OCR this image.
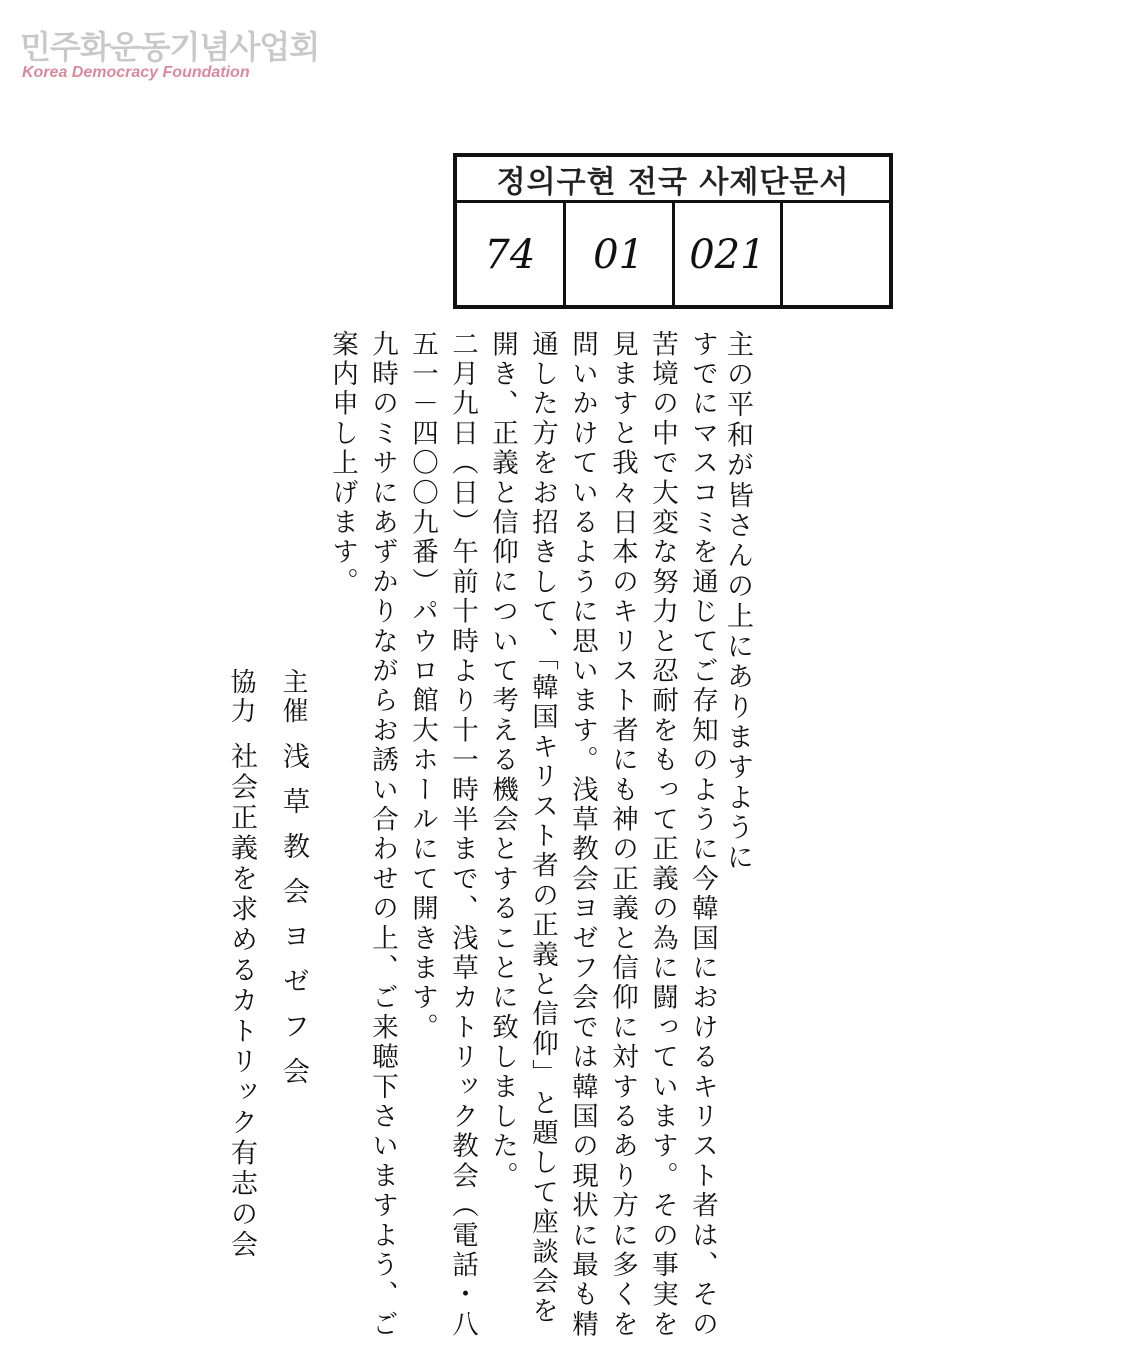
민주화운동기념사업회
Korea Democracy Foundation
정의구현 전국 사제단문서
74	01	021
主の平和が皆さんの上にありますように
すでにマスコミを通じてご存知のように今韓国におけるキリスト者は、その
苦境の中で大変な努力と忍耐をもって正義の為に闘っています。その事実を
見ますと我々日本のキリスト者にも神の正義と信仰に対するあり方に多くを
問いかけているように思います。浅草教会ヨゼフ会では韓国の現状に最も精
通した方をお招きして、「韓国キリスト者の正義と信仰」と題して座談会を
開き、正義と信仰について考える機会とすることに致しました。
二月九日（日）午前十時より十一時半まで、浅草カトリック教会（電話・八
五一－四〇〇九番）パウロ館大ホールにて開きます。
九時のミサにあずかりながらお誘い合わせの上、ご来聴下さいますよう、ご
案内申し上げます。
主催
浅草教会ヨゼフ会
協力
社会正義を求めるカトリック有志の会
